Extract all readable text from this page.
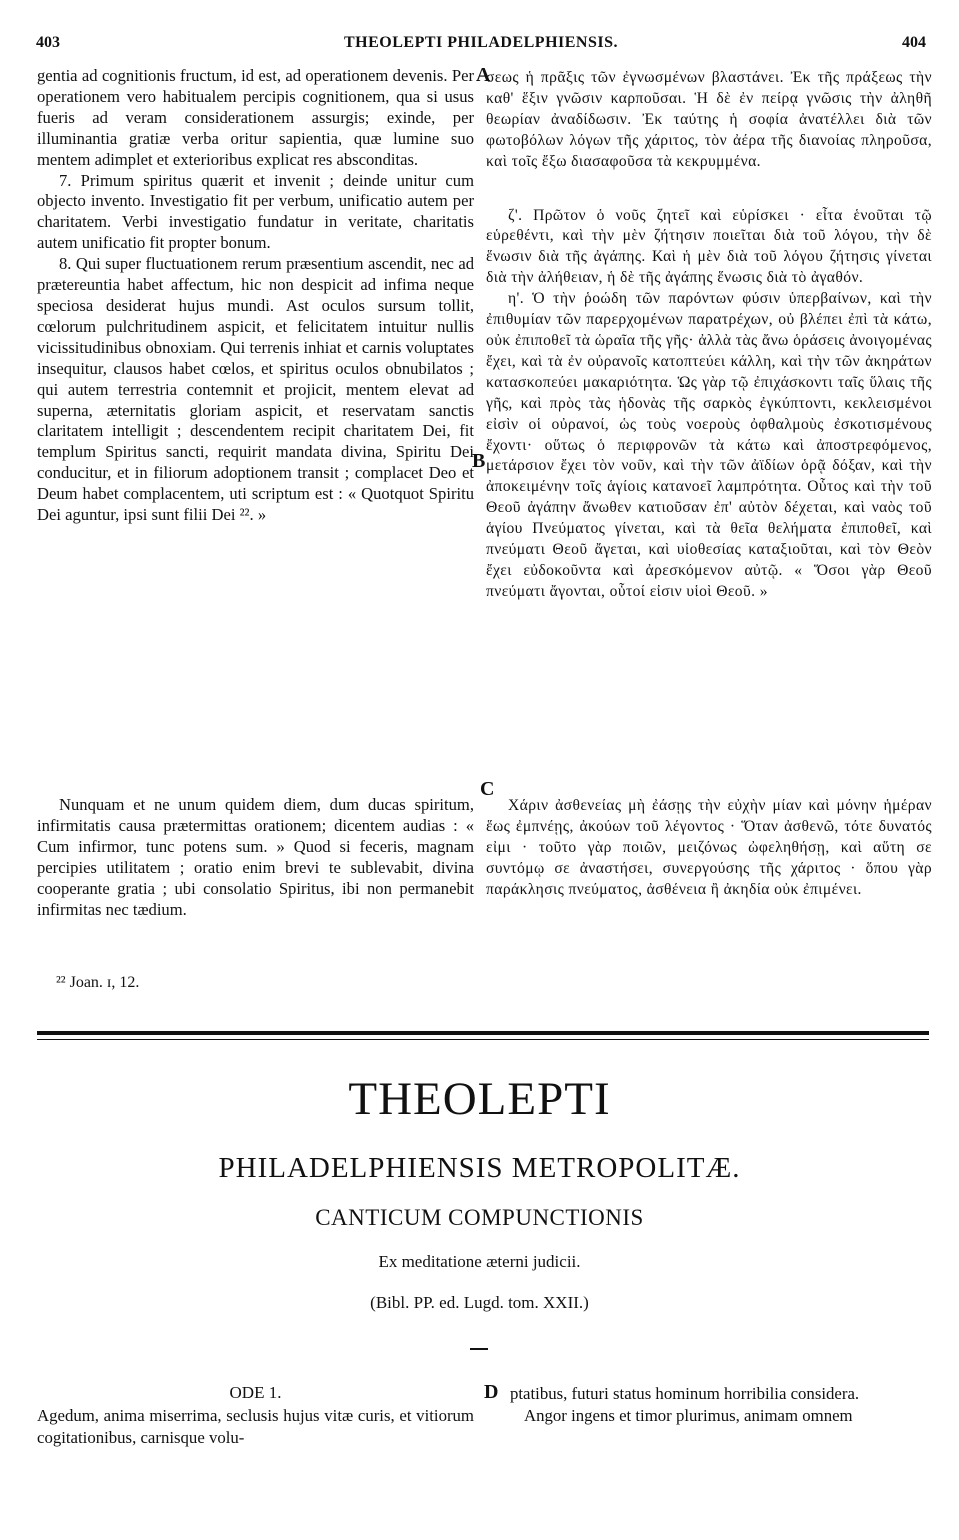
403	THEOLEPTI PHILADELPHIENSIS.	404

gentia ad cognitionis fructum, id est, ad operationem devenis. Per operationem vero habitualem percipis cognitionem, qua si usus fueris ad veram considerationem assurgis; exinde, per illuminantia gratiæ verba oritur sapientia, quæ lumine suo mentem adimplet et exterioribus explicat res absconditas.

7. Primum spiritus quærit et invenit ; deinde unitur cum objecto invento. Investigatio fit per verbum, unificatio autem per charitatem. Verbi investigatio fundatur in veritate, charitatis autem unificatio fit propter bonum.

8. Qui super fluctuationem rerum præsentium ascendit, nec ad prætereuntia habet affectum, hic non despicit ad infima neque speciosa desiderat hujus mundi. Ast oculos sursum tollit, cœlorum pulchritudinem aspicit, et felicitatem intuitur nullis vicissitudinibus obnoxiam. Qui terrenis inhiat et carnis voluptates insequitur, clausos habet cœlos, et spiritus oculos obnubilatos ; qui autem terrestria contemnit et projicit, mentem elevat ad superna, æternitatis gloriam aspicit, et reservatam sanctis claritatem intelligit ; descendentem recipit charitatem Dei, fit templum Spiritus sancti, requirit mandata divina, Spiritu Dei conducitur, et in filiorum adoptionem transit ; complacet Deo et Deum habet complacentem, uti scriptum est : « Quotquot Spiritu Dei aguntur, ipsi sunt filii Dei ²². »

Nunquam et ne unum quidem diem, dum ducas spiritum, infirmitatis causa prætermittas orationem; dicentem audias : « Cum infirmor, tunc potens sum. » Quod si feceris, magnam percipies utilitatem ; oratio enim brevi te sublevabit, divina cooperante gratia ; ubi consolatio Spiritus, ibi non permanebit infirmitas nec tædium.

σεως ἡ πρᾶξις τῶν ἐγνωσμένων βλαστάνει. Ἐκ τῆς πράξεως τὴν καθ' ἕξιν γνῶσιν καρποῦσαι. Ἡ δὲ ἐν πείρᾳ γνῶσις τὴν ἀληθῆ θεωρίαν ἀναδίδωσιν. Ἐκ ταύτης ἡ σοφία ἀνατέλλει διὰ τῶν φωτοβόλων λόγων τῆς χάριτος, τὸν ἀέρα τῆς διανοίας πληροῦσα, καὶ τοῖς ἔξω διασαφοῦσα τὰ κεκρυμμένα.

ζ'. Πρῶτον ὁ νοῦς ζητεῖ καὶ εὑρίσκει · εἶτα ἑνοῦται τῷ εὑρεθέντι, καὶ τὴν μὲν ζήτησιν ποιεῖται διὰ τοῦ λόγου, τὴν δὲ ἕνωσιν διὰ τῆς ἀγάπης. Καὶ ἡ μὲν διὰ τοῦ λόγου ζήτησις γίνεται διὰ τὴν ἀλήθειαν, ἡ δὲ τῆς ἀγάπης ἕνωσις διὰ τὸ ἀγαθόν.

η'. Ὁ τὴν ῥοώδη τῶν παρόντων φύσιν ὑπερβαίνων, καὶ τὴν ἐπιθυμίαν τῶν παρερχομένων παρατρέχων, οὐ βλέπει ἐπὶ τὰ κάτω, οὐκ ἐπιποθεῖ τὰ ὡραῖα τῆς γῆς· ἀλλὰ τὰς ἄνω ὁράσεις ἀνοιγομένας ἔχει, καὶ τὰ ἐν οὐρανοῖς κατοπτεύει κάλλη, καὶ τὴν τῶν ἀκηράτων κατασκοπεύει μακαριότητα. Ὡς γὰρ τῷ ἐπιχάσκοντι ταῖς ὕλαις τῆς γῆς, καὶ πρὸς τὰς ἡδονὰς τῆς σαρκὸς ἐγκύπτοντι, κεκλεισμένοι εἰσὶν οἱ οὐρανοί, ὡς τοὺς νοεροὺς ὀφθαλμοὺς ἐσκοτισμένους ἔχοντι· οὕτως ὁ περιφρονῶν τὰ κάτω καὶ ἀποστρεφόμενος, μετάρσιον ἔχει τὸν νοῦν, καὶ τὴν τῶν ἀϊδίων ὁρᾷ δόξαν, καὶ τὴν ἀποκειμένην τοῖς ἁγίοις κατανοεῖ λαμπρότητα. Οὗτος καὶ τὴν τοῦ Θεοῦ ἀγάπην ἄνωθεν κατιοῦσαν ἐπ' αὐτὸν δέχεται, καὶ ναὸς τοῦ ἁγίου Πνεύματος γίνεται, καὶ τὰ θεῖα θελήματα ἐπιποθεῖ, καὶ πνεύματι Θεοῦ ἄγεται, καὶ υἱοθεσίας καταξιοῦται, καὶ τὸν Θεὸν ἔχει εὐδοκοῦντα καὶ ἀρεσκόμενον αὐτῷ. « Ὅσοι γὰρ Θεοῦ πνεύματι ἄγονται, οὗτοί εἰσιν υἱοὶ Θεοῦ. »

Χάριν ἀσθενείας μὴ ἐάσῃς τὴν εὐχὴν μίαν καὶ μόνην ἡμέραν ἕως ἐμπνέῃς, ἀκούων τοῦ λέγοντος · Ὅταν ἀσθενῶ, τότε δυνατός εἰμι · τοῦτο γὰρ ποιῶν, μειζόνως ὠφεληθήσῃ, καὶ αὕτη σε συντόμῳ σε ἀναστήσει, συνεργούσης τῆς χάριτος · ὅπου γὰρ παράκλησις πνεύματος, ἀσθένεια ἢ ἀκηδία οὐκ ἐπιμένει.
A
B
C
D
²² Joan. ɪ, 12.
THEOLEPTI
PHILADELPHIENSIS METROPOLITÆ.
CANTICUM COMPUNCTIONIS
Ex meditatione æterni judicii.
(Bibl. PP. ed. Lugd. tom. XXII.)
ODE 1.
Agedum, anima miserrima, seclusis hujus vitæ curis, et vitiorum cogitationibus, carnisque volu-
ptatibus, futuri status hominum horribilia considera.
Angor ingens et timor plurimus, animam omnem
